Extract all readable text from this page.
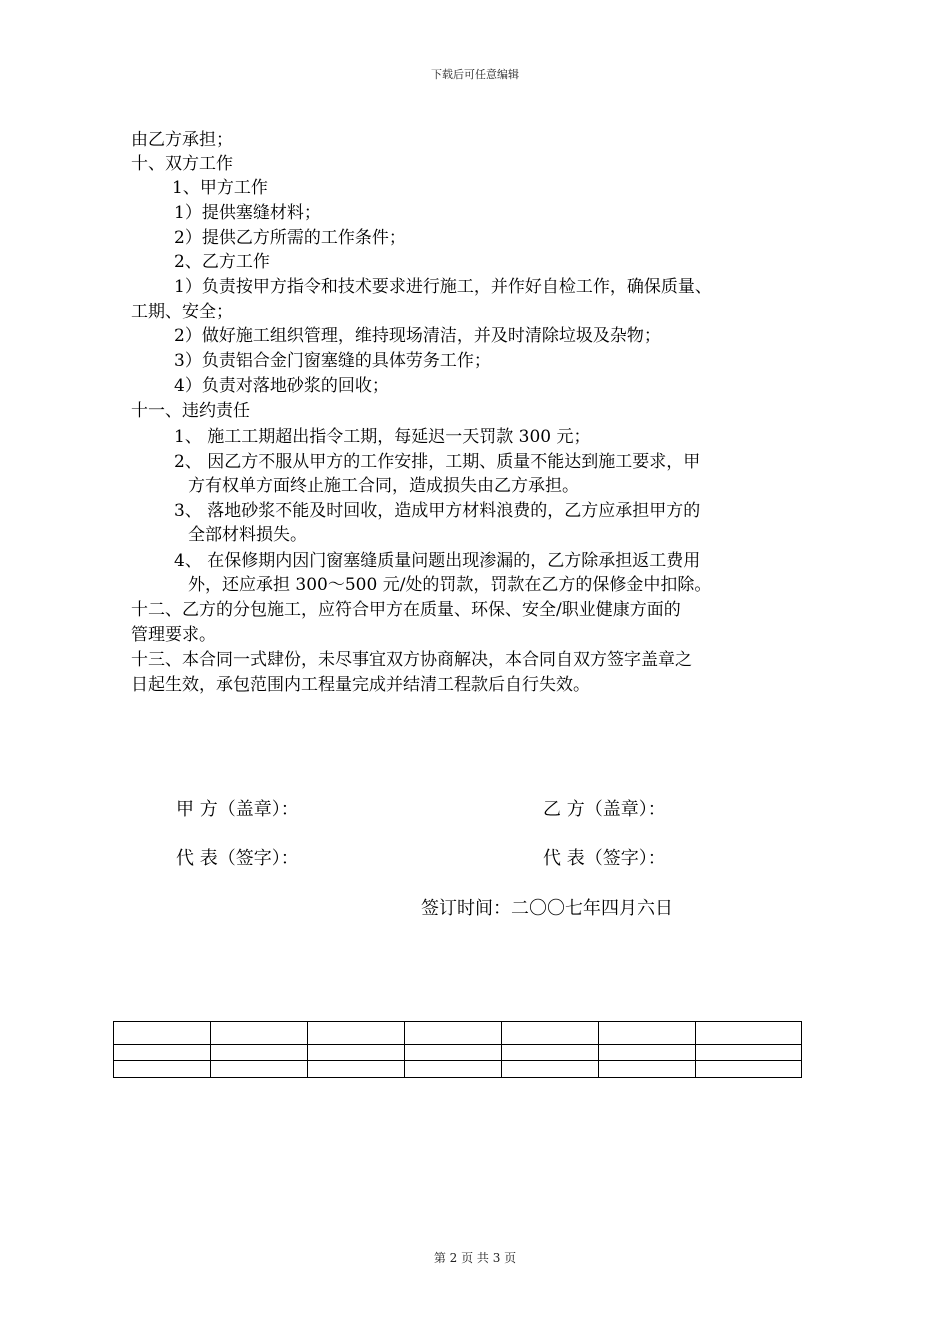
下载后可任意编辑
由乙方承担；
十、双方工作
1、甲方工作
1）提供塞缝材料；
2）提供乙方所需的工作条件；
2、乙方工作
1）负责按甲方指令和技术要求进行施工，并作好自检工作，确保质量、
工期、安全；
2）做好施工组织管理，维持现场清洁，并及时清除垃圾及杂物；
3）负责铝合金门窗塞缝的具体劳务工作；
4）负责对落地砂浆的回收；
十一、违约责任
1、 施工工期超出指令工期，每延迟一天罚款 300 元；
2、 因乙方不服从甲方的工作安排，工期、质量不能达到施工要求，甲
方有权单方面终止施工合同，造成损失由乙方承担。
3、 落地砂浆不能及时回收，造成甲方材料浪费的，乙方应承担甲方的
全部材料损失。
4、 在保修期内因门窗塞缝质量问题出现渗漏的，乙方除承担返工费用
外，还应承担 300～500 元/处的罚款，罚款在乙方的保修金中扣除。
十二、乙方的分包施工，应符合甲方在质量、环保、安全/职业健康方面的
管理要求。
十三、本合同一式肆份，未尽事宜双方协商解决，本合同自双方签字盖章之
日起生效，承包范围内工程量完成并结清工程款后自行失效。
甲 方（盖章）：	乙 方（盖章）：
代 表（签字）：	代 表（签字）：
签订时间：二〇〇七年四月六日

第 2 页 共 3 页
